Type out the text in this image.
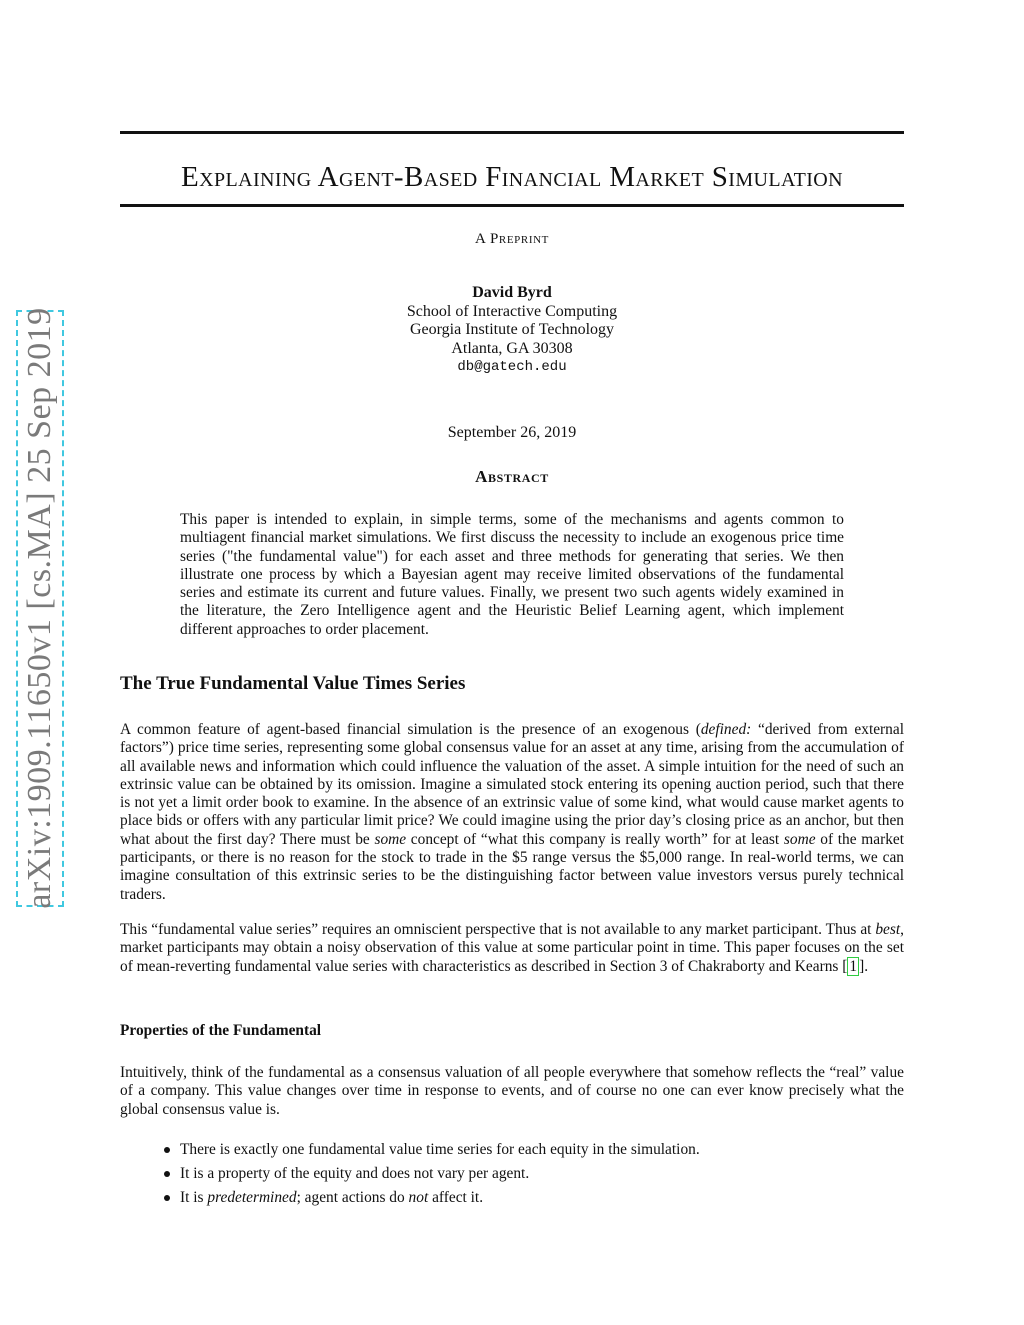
arXiv:1909.11650v1 [cs.MA] 25 Sep 2019
Explaining Agent-Based Financial Market Simulation
A Preprint
David Byrd
School of Interactive Computing
Georgia Institute of Technology
Atlanta, GA 30308
db@gatech.edu
September 26, 2019
Abstract

This paper is intended to explain, in simple terms, some of the mechanisms and agents common to multiagent financial market simulations. We first discuss the necessity to include an exogenous price time series ("the fundamental value") for each asset and three methods for generating that series. We then illustrate one process by which a Bayesian agent may receive limited observations of the fundamental series and estimate its current and future values. Finally, we present two such agents widely examined in the literature, the Zero Intelligence agent and the Heuristic Belief Learning agent, which implement different approaches to order placement.

The True Fundamental Value Times Series

A common feature of agent-based financial simulation is the presence of an exogenous (defined: “derived from external factors”) price time series, representing some global consensus value for an asset at any time, arising from the accumulation of all available news and information which could influence the valuation of the asset. A simple intuition for the need of such an extrinsic value can be obtained by its omission. Imagine a simulated stock entering its opening auction period, such that there is not yet a limit order book to examine. In the absence of an extrinsic value of some kind, what would cause market agents to place bids or offers with any particular limit price? We could imagine using the prior day’s closing price as an anchor, but then what about the first day? There must be some concept of “what this company is really worth” for at least some of the market participants, or there is no reason for the stock to trade in the $5 range versus the $5,000 range. In real-world terms, we can imagine consultation of this extrinsic series to be the distinguishing factor between value investors versus purely technical traders.

This “fundamental value series” requires an omniscient perspective that is not available to any market participant. Thus at best, market participants may obtain a noisy observation of this value at some particular point in time. This paper focuses on the set of mean-reverting fundamental value series with characteristics as described in Section 3 of Chakraborty and Kearns [ 1 ].

Properties of the Fundamental

Intuitively, think of the fundamental as a consensus valuation of all people everywhere that somehow reflects the “real” value of a company. This value changes over time in response to events, and of course no one can ever know precisely what the global consensus value is.

There is exactly one fundamental value time series for each equity in the simulation.
It is a property of the equity and does not vary per agent.
It is predetermined; agent actions do not affect it.
